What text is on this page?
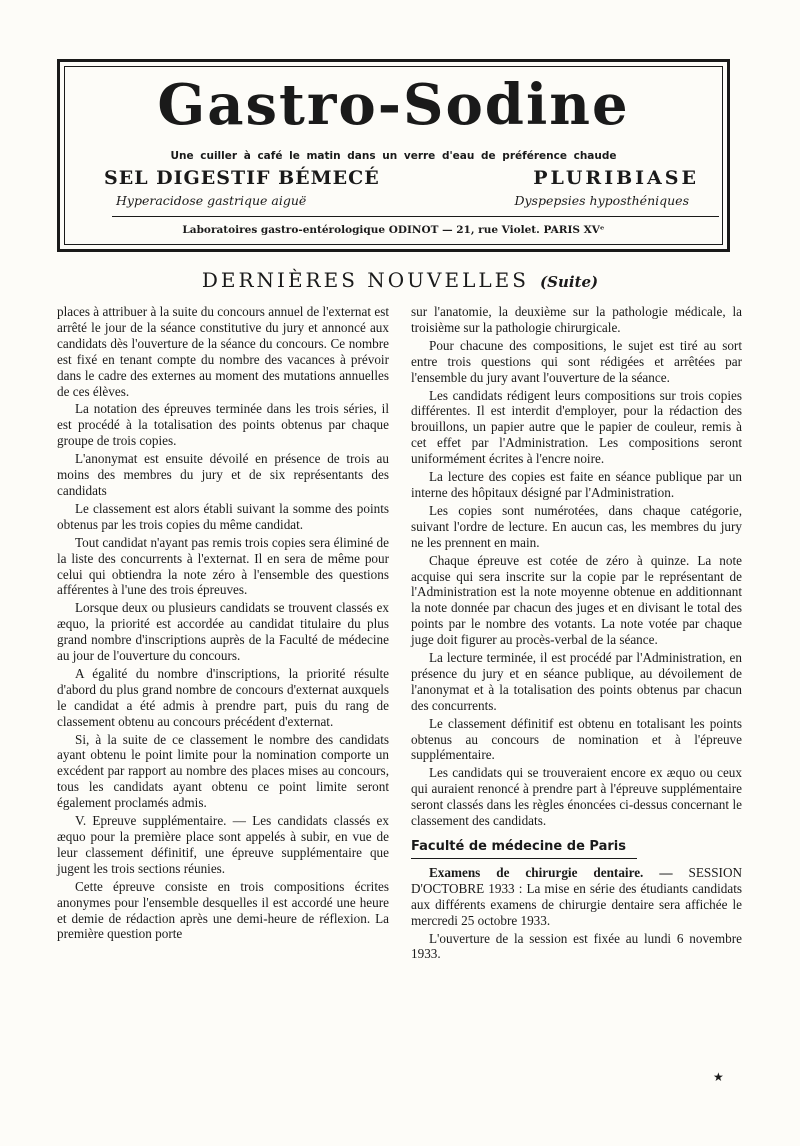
Gastro-Sodine
Une cuiller à café le matin dans un verre d'eau de préférence chaude
SEL DIGESTIF BÉMECÉ	PLURIBIASE
Hyperacidose gastrique aiguë	Dyspepsies hyposthéniques
Laboratoires gastro-entérologique ODINOT — 21, rue Violet. PARIS XVᵉ
DERNIÈRES NOUVELLES (Suite)

places à attribuer à la suite du concours annuel de l'externat est arrêté le jour de la séance constitutive du jury et annoncé aux candidats dès l'ouverture de la séance du concours. Ce nombre est fixé en tenant compte du nombre des vacances à prévoir dans le cadre des externes au moment des mutations annuelles de ces élèves.

La notation des épreuves terminée dans les trois séries, il est procédé à la totalisation des points obtenus par chaque groupe de trois copies.

L'anonymat est ensuite dévoilé en présence de trois au moins des membres du jury et de six représentants des candidats

Le classement est alors établi suivant la somme des points obtenus par les trois copies du même candidat.

Tout candidat n'ayant pas remis trois copies sera éliminé de la liste des concurrents à l'externat. Il en sera de même pour celui qui obtiendra la note zéro à l'ensemble des questions afférentes à l'une des trois épreuves.

Lorsque deux ou plusieurs candidats se trouvent classés ex æquo, la priorité est accordée au candidat titulaire du plus grand nombre d'inscriptions auprès de la Faculté de médecine au jour de l'ouverture du concours.

A égalité du nombre d'inscriptions, la priorité résulte d'abord du plus grand nombre de concours d'externat auxquels le candidat a été admis à prendre part, puis du rang de classement obtenu au concours précédent d'externat.

Si, à la suite de ce classement le nombre des candidats ayant obtenu le point limite pour la nomination comporte un excédent par rapport au nombre des places mises au concours, tous les candidats ayant obtenu ce point limite seront également proclamés admis.

V. Epreuve supplémentaire. — Les candidats classés ex æquo pour la première place sont appelés à subir, en vue de leur classement définitif, une épreuve supplémentaire que jugent les trois sections réunies.

Cette épreuve consiste en trois compositions écrites anonymes pour l'ensemble desquelles il est accordé une heure et demie de rédaction après une demi-heure de réflexion. La première question porte

sur l'anatomie, la deuxième sur la pathologie médicale, la troisième sur la pathologie chirurgicale.

Pour chacune des compositions, le sujet est tiré au sort entre trois questions qui sont rédigées et arrêtées par l'ensemble du jury avant l'ouverture de la séance.

Les candidats rédigent leurs compositions sur trois copies différentes. Il est interdit d'employer, pour la rédaction des brouillons, un papier autre que le papier de couleur, remis à cet effet par l'Administration. Les compositions seront uniformément écrites à l'encre noire.

La lecture des copies est faite en séance publique par un interne des hôpitaux désigné par l'Administration.

Les copies sont numérotées, dans chaque catégorie, suivant l'ordre de lecture. En aucun cas, les membres du jury ne les prennent en main.

Chaque épreuve est cotée de zéro à quinze. La note acquise qui sera inscrite sur la copie par le représentant de l'Administration est la note moyenne obtenue en additionnant la note donnée par chacun des juges et en divisant le total des points par le nombre des votants. La note votée par chaque juge doit figurer au procès-verbal de la séance.

La lecture terminée, il est procédé par l'Administration, en présence du jury et en séance publique, au dévoilement de l'anonymat et à la totalisation des points obtenus par chacun des concurrents.

Le classement définitif est obtenu en totalisant les points obtenus au concours de nomination et à l'épreuve supplémentaire.

Les candidats qui se trouveraient encore ex æquo ou ceux qui auraient renoncé à prendre part à l'épreuve supplémentaire seront classés dans les règles énoncées ci-dessus concernant le classement des candidats.

Faculté de médecine de Paris

Examens de chirurgie dentaire. — SESSION D'OCTOBRE 1933 : La mise en série des étudiants candidats aux différents examens de chirurgie dentaire sera affichée le mercredi 25 octobre 1933.

L'ouverture de la session est fixée au lundi 6 novembre 1933.

★
